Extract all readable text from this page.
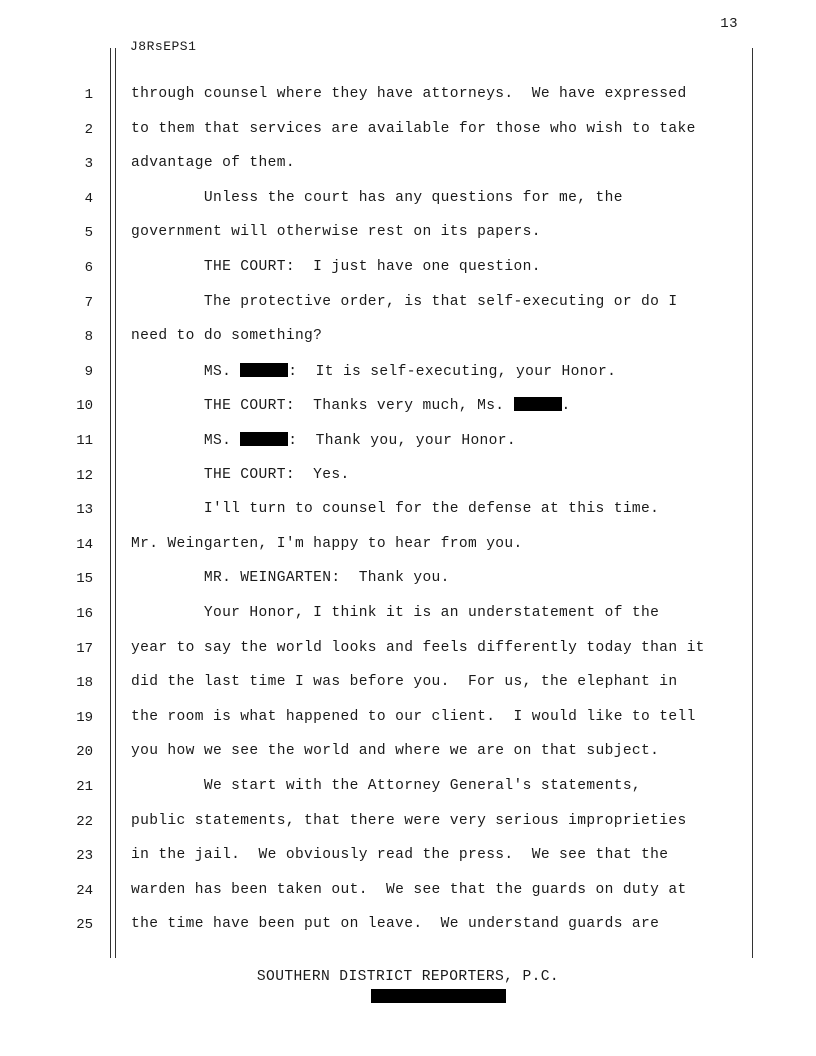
13
J8RsEPS1
1	through counsel where they have attorneys.  We have expressed
2	to them that services are available for those who wish to take
3	advantage of them.
4	Unless the court has any questions for me, the
5	government will otherwise rest on its papers.
6	THE COURT:  I just have one question.
7	The protective order, is that self-executing or do I
8	need to do something?
9	MS.	:  It is self-executing, your Honor.
10	THE COURT:  Thanks very much, Ms.	.
11	MS.	:  Thank you, your Honor.
12	THE COURT:  Yes.
13	I'll turn to counsel for the defense at this time.
14	Mr. Weingarten, I'm happy to hear from you.
15	MR. WEINGARTEN:  Thank you.
16	Your Honor, I think it is an understatement of the
17	year to say the world looks and feels differently today than it
18	did the last time I was before you.  For us, the elephant in
19	the room is what happened to our client.  I would like to tell
20	you how we see the world and where we are on that subject.
21	We start with the Attorney General's statements,
22	public statements, that there were very serious improprieties
23	in the jail.  We obviously read the press.  We see that the
24	warden has been taken out.  We see that the guards on duty at
25	the time have been put on leave.  We understand guards are
SOUTHERN DISTRICT REPORTERS, P.C.
